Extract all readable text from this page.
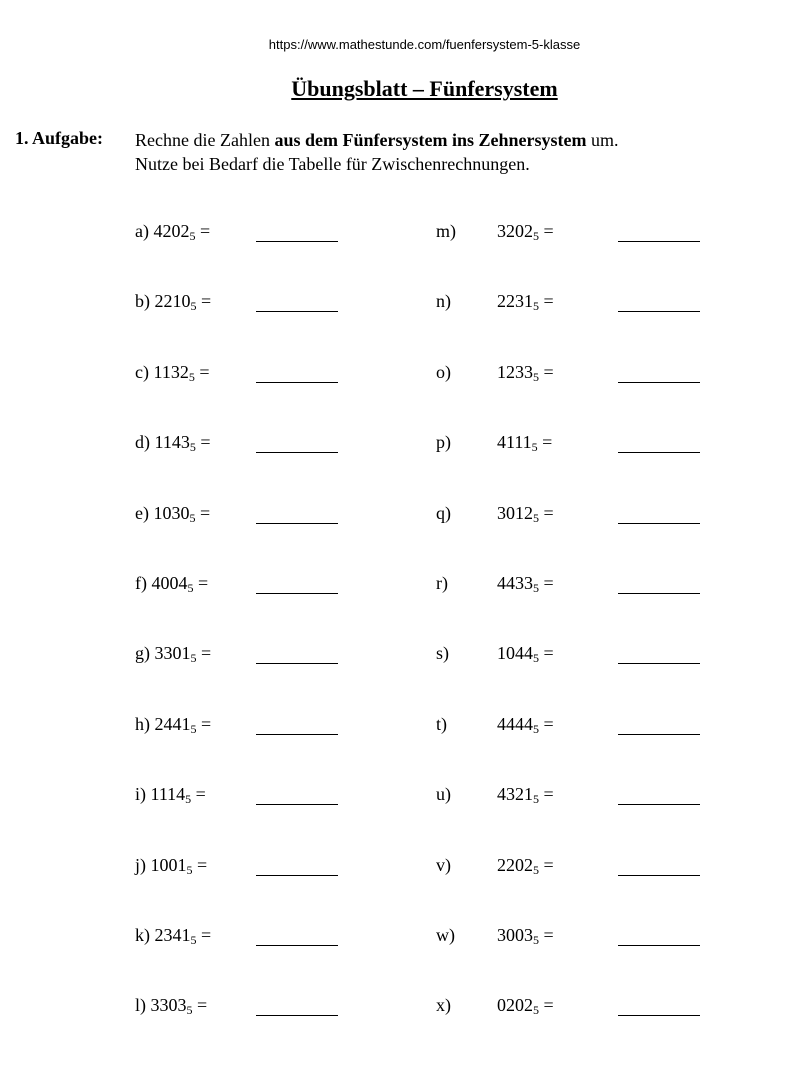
https://www.mathestunde.com/fuenfersystem-5-klasse
Übungsblatt – Fünfersystem
1. Aufgabe: Rechne die Zahlen aus dem Fünfersystem ins Zehnersystem um.
Nutze bei Bedarf die Tabelle für Zwischenrechnungen.
a) $4202_5$ =
b) $2210_5$ =
c) $1132_5$ =
d) $1143_5$ =
e) $1030_5$ =
f) $4004_5$ =
g) $3301_5$ =
h) $2441_5$ =
i) $1114_5$ =
j) $1001_5$ =
k) $2341_5$ =
l) $3303_5$ =
m) $3202_5$ =
n)	$2231_5$ =
o)	$1233_5$ =
p)	$4111_5$ =
q)	$3012_5$ =
r)	$4433_5$ =
s)	$1044_5$ =
t)	$4444_5$ =
u)	$4321_5$ =
v)	$2202_5$ =
w) $3003_5$ =
x)	$0202_5$ =
